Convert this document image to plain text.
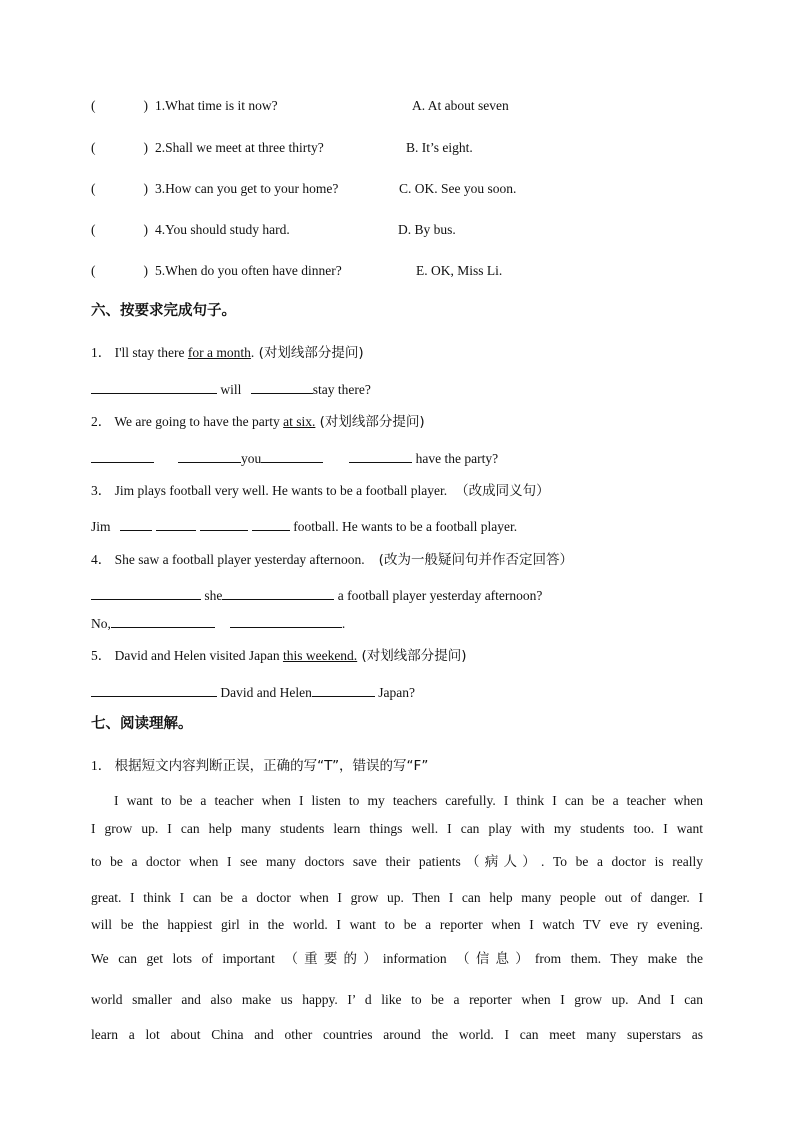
(	) 1.What time is it now?	A. At about seven
(	) 2.Shall we meet at three thirty?	B. It’s eight.
(	) 3.How can you get to your home?	C. OK. See you soon.
(	) 4.You should study hard.	D. By bus.
(	) 5.When do you often have dinner?	E. OK, Miss Li.
六、按要求完成句子。
1． I'll stay there for a month. (对划线部分提问)
will	stay there?
2． We are going to have the party at six. (对划线部分提问)
you	have the party?
3． Jim plays football very well. He wants to be a football player. （改成同义句）
Jim	football. He wants to be a football player.
4． She saw a football player yesterday afternoon. (改为一般疑问句并作否定回答）
she	a football player yesterday afternoon?
No,	.
5． David and Helen visited Japan this weekend. (对划线部分提问)
David and Helen	Japan?
七、阅读理解。
1． 根据短文内容判断正误，正确的写“T”，错误的写“F”
I want to be a teacher when I listen to my teachers carefully. I think I can be a teacher when
I grow up. I can help many students learn things well. I can play with my students too. I want
to be a doctor when I see many doctors save their patients（病人）. To be a doctor is really
great. I think I can be a doctor when I grow up. Then I can help many people out of danger. I
will be the happiest girl in the world. I want to be a reporter when I watch TV eve ry evening.
We can get lots of important （重要的）information （信息）from them. They make the
world smaller and also make us happy. I’ d like to be a reporter when I grow up. And I can
learn a lot about China and other countries around the world. I can meet many superstars as
